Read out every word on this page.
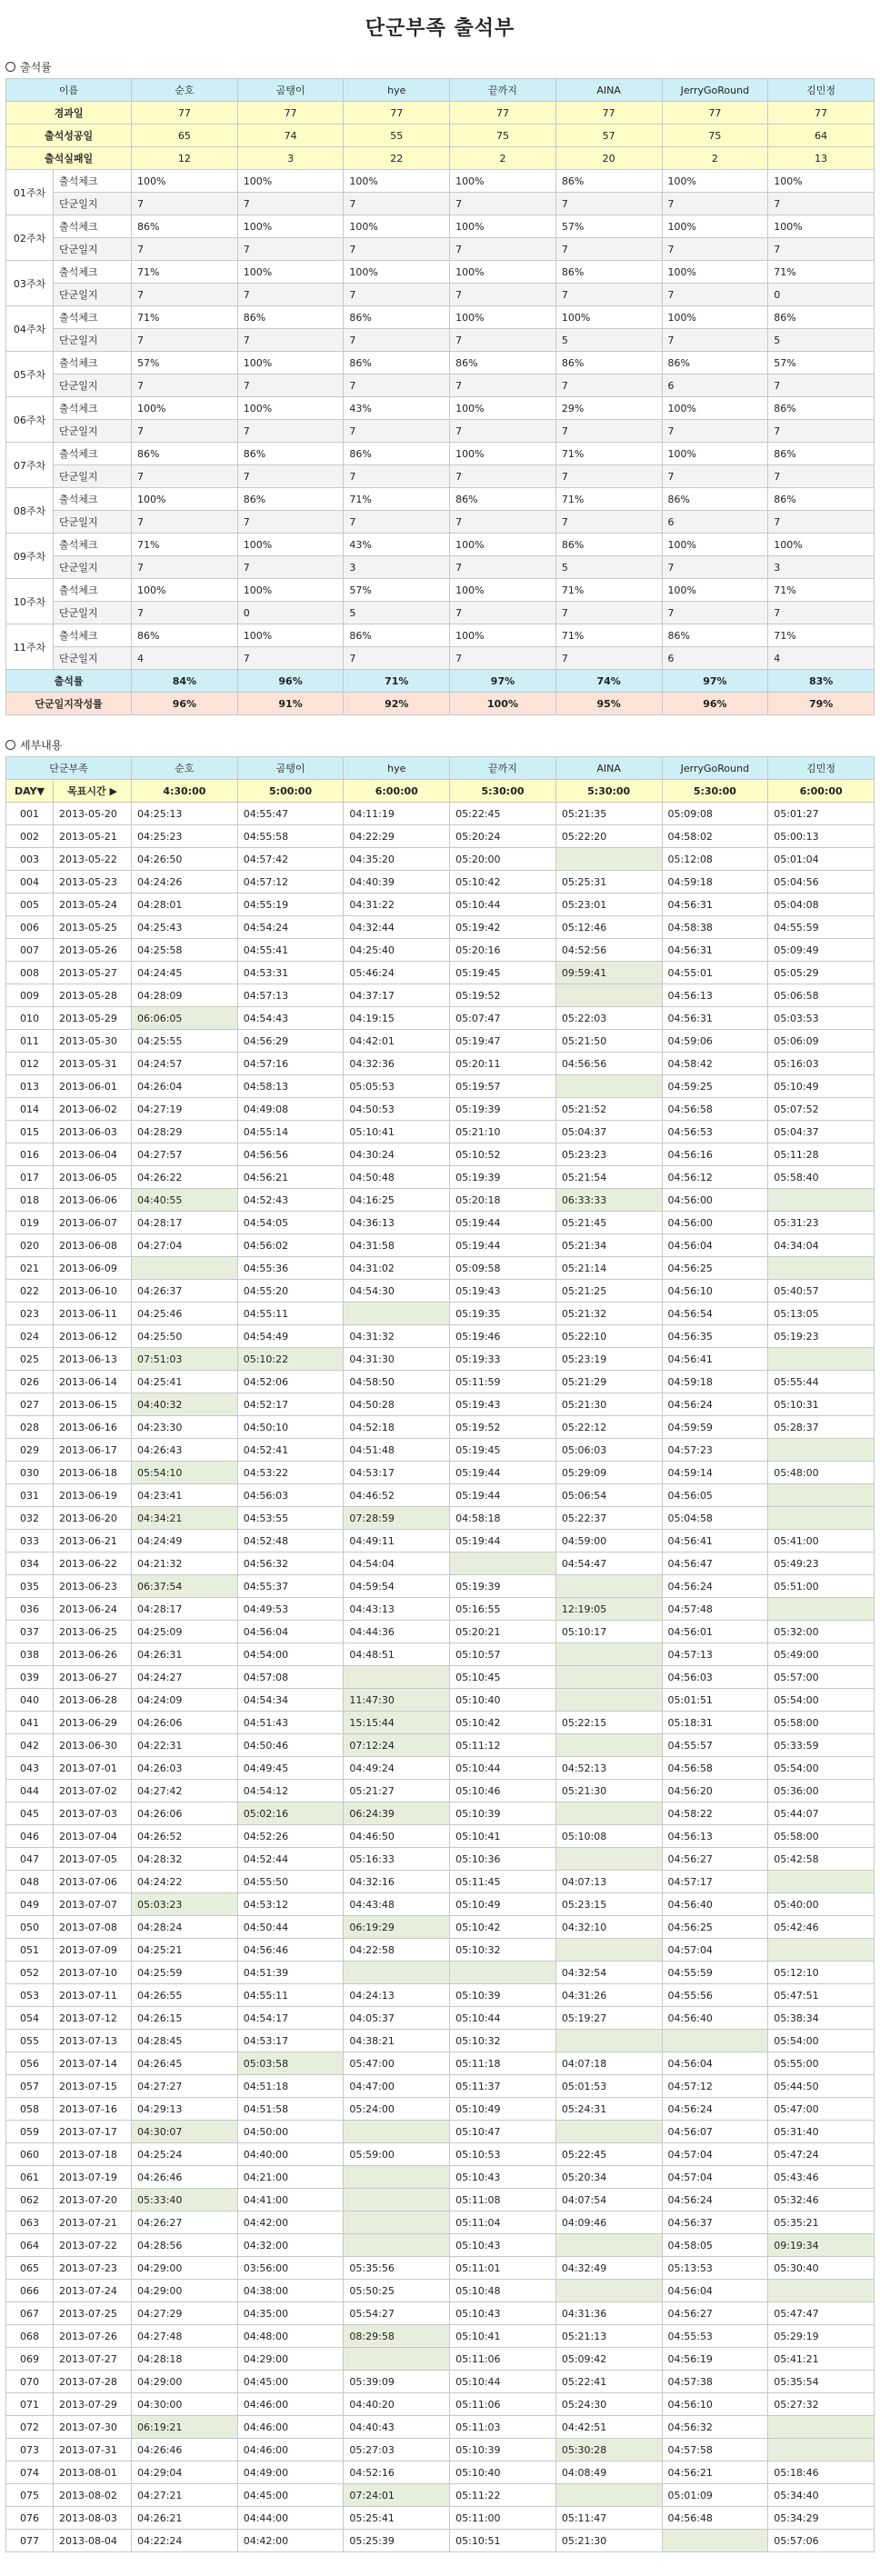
단군부족 출석부
출석률
이름		순호	곰탱이	hye	끝까지	AINA	JerryGoRound	김민정
경과일		77	77	77	77	77	77	77
출석성공일		65	74	55	75	57	75	64
출석실패일		12	3	22	2	20	2	13
01주차	출석체크	100%	100%	100%	100%	86%	100%	100%
	단군일지	7	7	7	7	7	7	7
02주차	출석체크	86%	100%	100%	100%	57%	100%	100%
	단군일지	7	7	7	7	7	7	7
03주차	출석체크	71%	100%	100%	100%	86%	100%	71%
	단군일지	7	7	7	7	7	7	0
04주차	출석체크	71%	86%	86%	100%	100%	100%	86%
	단군일지	7	7	7	7	5	7	5
05주차	출석체크	57%	100%	86%	86%	86%	86%	57%
	단군일지	7	7	7	7	7	6	7
06주차	출석체크	100%	100%	43%	100%	29%	100%	86%
	단군일지	7	7	7	7	7	7	7
07주차	출석체크	86%	86%	86%	100%	71%	100%	86%
	단군일지	7	7	7	7	7	7	7
08주차	출석체크	100%	86%	71%	86%	71%	86%	86%
	단군일지	7	7	7	7	7	6	7
09주차	출석체크	71%	100%	43%	100%	86%	100%	100%
	단군일지	7	7	3	7	5	7	3
10주차	출석체크	100%	100%	57%	100%	71%	100%	71%
	단군일지	7	0	5	7	7	7	7
11주차	출석체크	86%	100%	86%	100%	71%	86%	71%
	단군일지	4	7	7	7	7	6	4
출석률		84%	96%	71%	97%	74%	97%	83%
단군일지작성률		96%	91%	92%	100%	95%	96%	79%
세부내용
단군부족		순호	곰탱이	hye	끝까지	AINA	JerryGoRound	김민정
DAY▼	목표시간 ▶	4:30:00	5:00:00	6:00:00	5:30:00	5:30:00	5:30:00	6:00:00
001	2013-05-20	04:25:13	04:55:47	04:11:19	05:22:45	05:21:35	05:09:08	05:01:27
002	2013-05-21	04:25:23	04:55:58	04:22:29	05:20:24	05:22:20	04:58:02	05:00:13
003	2013-05-22	04:26:50	04:57:42	04:35:20	05:20:00		05:12:08	05:01:04
004	2013-05-23	04:24:26	04:57:12	04:40:39	05:10:42	05:25:31	04:59:18	05:04:56
005	2013-05-24	04:28:01	04:55:19	04:31:22	05:10:44	05:23:01	04:56:31	05:04:08
006	2013-05-25	04:25:43	04:54:24	04:32:44	05:19:42	05:12:46	04:58:38	04:55:59
007	2013-05-26	04:25:58	04:55:41	04:25:40	05:20:16	04:52:56	04:56:31	05:09:49
008	2013-05-27	04:24:45	04:53:31	05:46:24	05:19:45	09:59:41	04:55:01	05:05:29
009	2013-05-28	04:28:09	04:57:13	04:37:17	05:19:52		04:56:13	05:06:58
010	2013-05-29	06:06:05	04:54:43	04:19:15	05:07:47	05:22:03	04:56:31	05:03:53
011	2013-05-30	04:25:55	04:56:29	04:42:01	05:19:47	05:21:50	04:59:06	05:06:09
012	2013-05-31	04:24:57	04:57:16	04:32:36	05:20:11	04:56:56	04:58:42	05:16:03
013	2013-06-01	04:26:04	04:58:13	05:05:53	05:19:57		04:59:25	05:10:49
014	2013-06-02	04:27:19	04:49:08	04:50:53	05:19:39	05:21:52	04:56:58	05:07:52
015	2013-06-03	04:28:29	04:55:14	05:10:41	05:21:10	05:04:37	04:56:53	05:04:37
016	2013-06-04	04:27:57	04:56:56	04:30:24	05:10:52	05:23:23	04:56:16	05:11:28
017	2013-06-05	04:26:22	04:56:21	04:50:48	05:19:39	05:21:54	04:56:12	05:58:40
018	2013-06-06	04:40:55	04:52:43	04:16:25	05:20:18	06:33:33	04:56:00	
019	2013-06-07	04:28:17	04:54:05	04:36:13	05:19:44	05:21:45	04:56:00	05:31:23
020	2013-06-08	04:27:04	04:56:02	04:31:58	05:19:44	05:21:34	04:56:04	04:34:04
021	2013-06-09		04:55:36	04:31:02	05:09:58	05:21:14	04:56:25	
022	2013-06-10	04:26:37	04:55:20	04:54:30	05:19:43	05:21:25	04:56:10	05:40:57
023	2013-06-11	04:25:46	04:55:11		05:19:35	05:21:32	04:56:54	05:13:05
024	2013-06-12	04:25:50	04:54:49	04:31:32	05:19:46	05:22:10	04:56:35	05:19:23
025	2013-06-13	07:51:03	05:10:22	04:31:30	05:19:33	05:23:19	04:56:41	
026	2013-06-14	04:25:41	04:52:06	04:58:50	05:11:59	05:21:29	04:59:18	05:55:44
027	2013-06-15	04:40:32	04:52:17	04:50:28	05:19:43	05:21:30	04:56:24	05:10:31
028	2013-06-16	04:23:30	04:50:10	04:52:18	05:19:52	05:22:12	04:59:59	05:28:37
029	2013-06-17	04:26:43	04:52:41	04:51:48	05:19:45	05:06:03	04:57:23	
030	2013-06-18	05:54:10	04:53:22	04:53:17	05:19:44	05:29:09	04:59:14	05:48:00
031	2013-06-19	04:23:41	04:56:03	04:46:52	05:19:44	05:06:54	04:56:05	
032	2013-06-20	04:34:21	04:53:55	07:28:59	04:58:18	05:22:37	05:04:58	
033	2013-06-21	04:24:49	04:52:48	04:49:11	05:19:44	04:59:00	04:56:41	05:41:00
034	2013-06-22	04:21:32	04:56:32	04:54:04		04:54:47	04:56:47	05:49:23
035	2013-06-23	06:37:54	04:55:37	04:59:54	05:19:39		04:56:24	05:51:00
036	2013-06-24	04:28:17	04:49:53	04:43:13	05:16:55	12:19:05	04:57:48	
037	2013-06-25	04:25:09	04:56:04	04:44:36	05:20:21	05:10:17	04:56:01	05:32:00
038	2013-06-26	04:26:31	04:54:00	04:48:51	05:10:57		04:57:13	05:49:00
039	2013-06-27	04:24:27	04:57:08		05:10:45		04:56:03	05:57:00
040	2013-06-28	04:24:09	04:54:34	11:47:30	05:10:40		05:01:51	05:54:00
041	2013-06-29	04:26:06	04:51:43	15:15:44	05:10:42	05:22:15	05:18:31	05:58:00
042	2013-06-30	04:22:31	04:50:46	07:12:24	05:11:12		04:55:57	05:33:59
043	2013-07-01	04:26:03	04:49:45	04:49:24	05:10:44	04:52:13	04:56:58	05:54:00
044	2013-07-02	04:27:42	04:54:12	05:21:27	05:10:46	05:21:30	04:56:20	05:36:00
045	2013-07-03	04:26:06	05:02:16	06:24:39	05:10:39		04:58:22	05:44:07
046	2013-07-04	04:26:52	04:52:26	04:46:50	05:10:41	05:10:08	04:56:13	05:58:00
047	2013-07-05	04:28:32	04:52:44	05:16:33	05:10:36		04:56:27	05:42:58
048	2013-07-06	04:24:22	04:55:50	04:32:16	05:11:45	04:07:13	04:57:17	
049	2013-07-07	05:03:23	04:53:12	04:43:48	05:10:49	05:23:15	04:56:40	05:40:00
050	2013-07-08	04:28:24	04:50:44	06:19:29	05:10:42	04:32:10	04:56:25	05:42:46
051	2013-07-09	04:25:21	04:56:46	04:22:58	05:10:32		04:57:04	
052	2013-07-10	04:25:59	04:51:39			04:32:54	04:55:59	05:12:10
053	2013-07-11	04:26:55	04:55:11	04:24:13	05:10:39	04:31:26	04:55:56	05:47:51
054	2013-07-12	04:26:15	04:54:17	04:05:37	05:10:44	05:19:27	04:56:40	05:38:34
055	2013-07-13	04:28:45	04:53:17	04:38:21	05:10:32			05:54:00
056	2013-07-14	04:26:45	05:03:58	05:47:00	05:11:18	04:07:18	04:56:04	05:55:00
057	2013-07-15	04:27:27	04:51:18	04:47:00	05:11:37	05:01:53	04:57:12	05:44:50
058	2013-07-16	04:29:13	04:51:58	05:24:00	05:10:49	05:24:31	04:56:24	05:47:00
059	2013-07-17	04:30:07	04:50:00		05:10:47		04:56:07	05:31:40
060	2013-07-18	04:25:24	04:40:00	05:59:00	05:10:53	05:22:45	04:57:04	05:47:24
061	2013-07-19	04:26:46	04:21:00		05:10:43	05:20:34	04:57:04	05:43:46
062	2013-07-20	05:33:40	04:41:00		05:11:08	04:07:54	04:56:24	05:32:46
063	2013-07-21	04:26:27	04:42:00		05:11:04	04:09:46	04:56:37	05:35:21
064	2013-07-22	04:28:56	04:32:00		05:10:43		04:58:05	09:19:34
065	2013-07-23	04:29:00	03:56:00	05:35:56	05:11:01	04:32:49	05:13:53	05:30:40
066	2013-07-24	04:29:00	04:38:00	05:50:25	05:10:48		04:56:04	
067	2013-07-25	04:27:29	04:35:00	05:54:27	05:10:43	04:31:36	04:56:27	05:47:47
068	2013-07-26	04:27:48	04:48:00	08:29:58	05:10:41	05:21:13	04:55:53	05:29:19
069	2013-07-27	04:28:18	04:29:00		05:11:06	05:09:42	04:56:19	05:41:21
070	2013-07-28	04:29:00	04:45:00	05:39:09	05:10:44	05:22:41	04:57:38	05:35:54
071	2013-07-29	04:30:00	04:46:00	04:40:20	05:11:06	05:24:30	04:56:10	05:27:32
072	2013-07-30	06:19:21	04:46:00	04:40:43	05:11:03	04:42:51	04:56:32	
073	2013-07-31	04:26:46	04:46:00	05:27:03	05:10:39	05:30:28	04:57:58	
074	2013-08-01	04:29:04	04:49:00	04:52:16	05:10:40	04:08:49	04:56:21	05:18:46
075	2013-08-02	04:27:21	04:45:00	07:24:01	05:11:22		05:01:09	05:34:40
076	2013-08-03	04:26:21	04:44:00	05:25:41	05:11:00	05:11:47	04:56:48	05:34:29
077	2013-08-04	04:22:24	04:42:00	05:25:39	05:10:51	05:21:30		05:57:06
